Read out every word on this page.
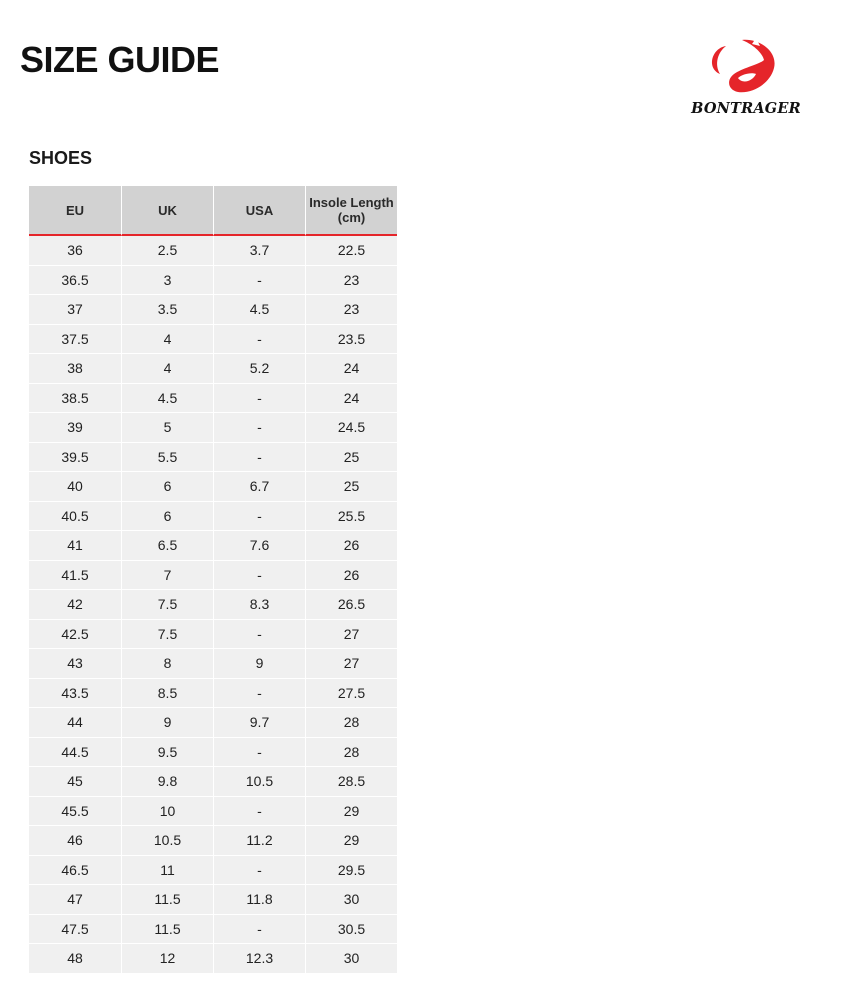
SIZE GUIDE
BONTRAGER
SHOES
EU	UK	USA	Insole Length (cm)
36	2.5	3.7	22.5
36.5	3	-	23
37	3.5	4.5	23
37.5	4	-	23.5
38	4	5.2	24
38.5	4.5	-	24
39	5	-	24.5
39.5	5.5	-	25
40	6	6.7	25
40.5	6	-	25.5
41	6.5	7.6	26
41.5	7	-	26
42	7.5	8.3	26.5
42.5	7.5	-	27
43	8	9	27
43.5	8.5	-	27.5
44	9	9.7	28
44.5	9.5	-	28
45	9.8	10.5	28.5
45.5	10	-	29
46	10.5	11.2	29
46.5	11	-	29.5
47	11.5	11.8	30
47.5	11.5	-	30.5
48	12	12.3	30
